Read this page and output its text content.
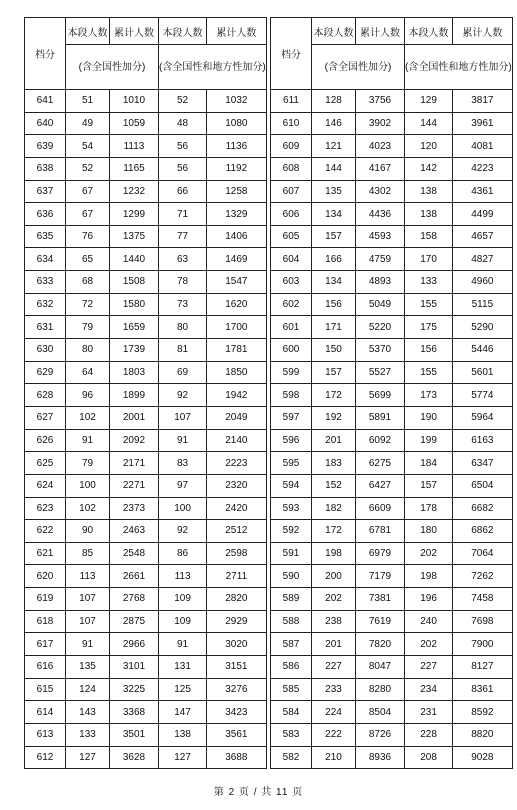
档分	本段人数	累计人数	本段人数	累计人数
	(含全国性加分)		(含全国性和地方性加分)	
641	51	1010	52	1032
640	49	1059	48	1080
639	54	1113	56	1136
638	52	1165	56	1192
637	67	1232	66	1258
636	67	1299	71	1329
635	76	1375	77	1406
634	65	1440	63	1469
633	68	1508	78	1547
632	72	1580	73	1620
631	79	1659	80	1700
630	80	1739	81	1781
629	64	1803	69	1850
628	96	1899	92	1942
627	102	2001	107	2049
626	91	2092	91	2140
625	79	2171	83	2223
624	100	2271	97	2320
623	102	2373	100	2420
622	90	2463	92	2512
621	85	2548	86	2598
620	113	2661	113	2711
619	107	2768	109	2820
618	107	2875	109	2929
617	91	2966	91	3020
616	135	3101	131	3151
615	124	3225	125	3276
614	143	3368	147	3423
613	133	3501	138	3561
612	127	3628	127	3688
档分	本段人数	累计人数	本段人数	累计人数
	(含全国性加分)		(含全国性和地方性加分)	
611	128	3756	129	3817
610	146	3902	144	3961
609	121	4023	120	4081
608	144	4167	142	4223
607	135	4302	138	4361
606	134	4436	138	4499
605	157	4593	158	4657
604	166	4759	170	4827
603	134	4893	133	4960
602	156	5049	155	5115
601	171	5220	175	5290
600	150	5370	156	5446
599	157	5527	155	5601
598	172	5699	173	5774
597	192	5891	190	5964
596	201	6092	199	6163
595	183	6275	184	6347
594	152	6427	157	6504
593	182	6609	178	6682
592	172	6781	180	6862
591	198	6979	202	7064
590	200	7179	198	7262
589	202	7381	196	7458
588	238	7619	240	7698
587	201	7820	202	7900
586	227	8047	227	8127
585	233	8280	234	8361
584	224	8504	231	8592
583	222	8726	228	8820
582	210	8936	208	9028
第 2 页 / 共 11 页
